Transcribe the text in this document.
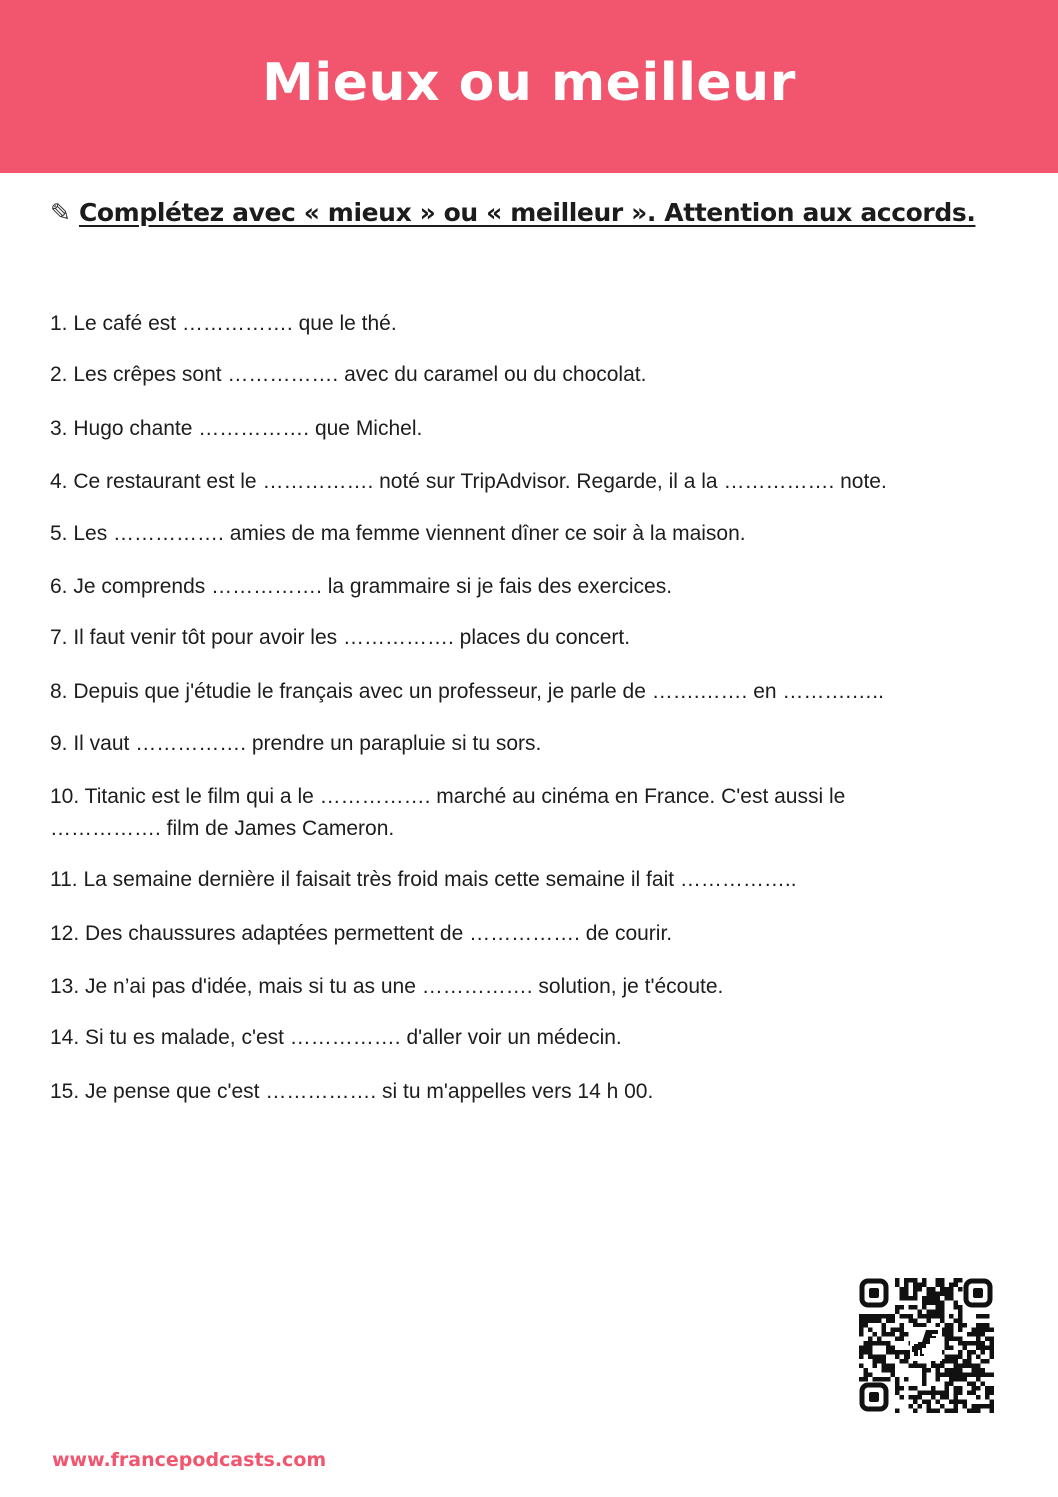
Mieux ou meilleur
✎ Complétez avec « mieux » ou « meilleur ». Attention aux accords.
1. Le café est ……………. que le thé.
2. Les crêpes sont ……………. avec du caramel ou du chocolat.
3. Hugo chante ……………. que Michel.
4. Ce restaurant est le ……………. noté sur TripAdvisor. Regarde, il a la ……………. note.
5. Les ……………. amies de ma femme viennent dîner ce soir à la maison.
6. Je comprends ……………. la grammaire si je fais des exercices.
7. Il faut venir tôt pour avoir les ……………. places du concert.
8. Depuis que j'étudie le français avec un professeur, je parle de …….……. en ……….…..
9. Il vaut ……………. prendre un parapluie si tu sors.
10. Titanic est le film qui a le ……………. marché au cinéma en France. C'est aussi le ……………. film de James Cameron.
11. La semaine dernière il faisait très froid mais cette semaine il fait ……………..
12. Des chaussures adaptées permettent de ……………. de courir.
13. Je n’ai pas d'idée, mais si tu as une ……………. solution, je t'écoute.
14. Si tu es malade, c'est ……………. d'aller voir un médecin.
15. Je pense que c'est ……………. si tu m'appelles vers 14 h 00.
www.francepodcasts.com
